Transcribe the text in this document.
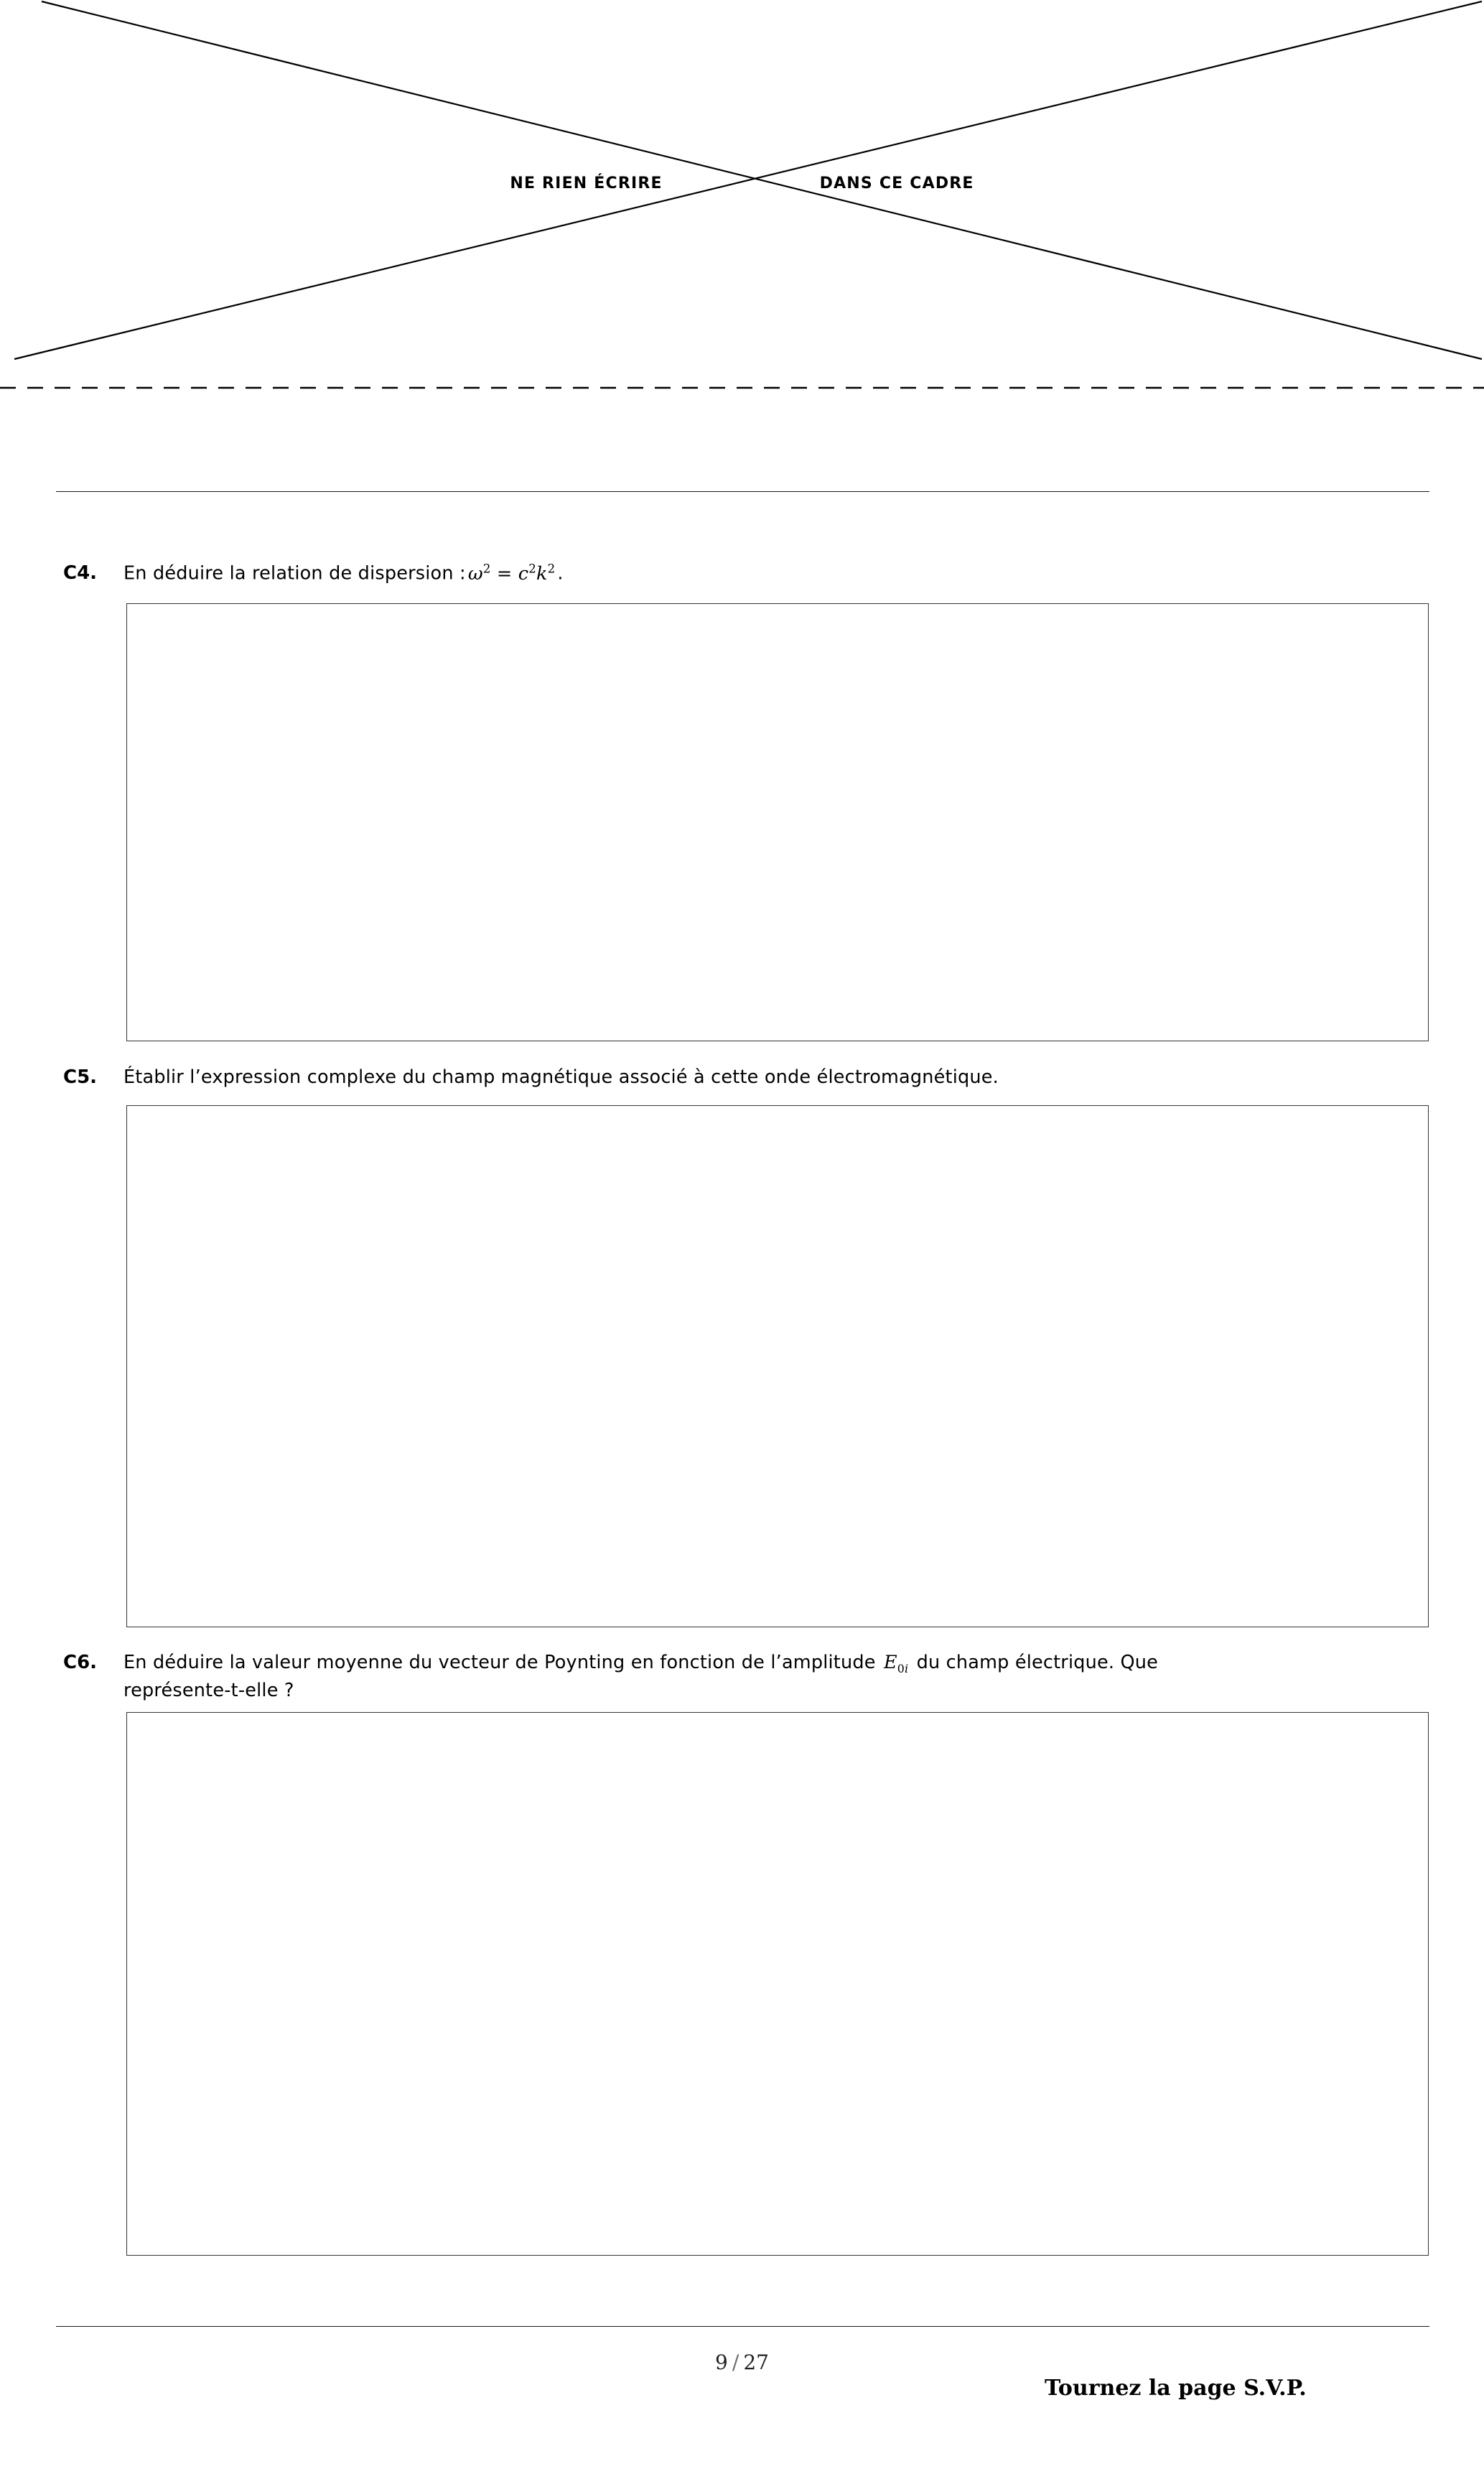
NE RIEN ÉCRIRE	DANS CE CADRE
C4.	En déduire la relation de dispersion : $\omega^2 = c^2k^2$ .
C5.	Établir l’expression complexe du champ magnétique associé à cette onde électromagnétique.
C6.	En déduire la valeur moyenne du vecteur de Poynting en fonction de l’amplitude $E_{0i}$ du champ électrique. Que
représente-t-elle ?
9 / 27
Tournez la page S.V.P.
